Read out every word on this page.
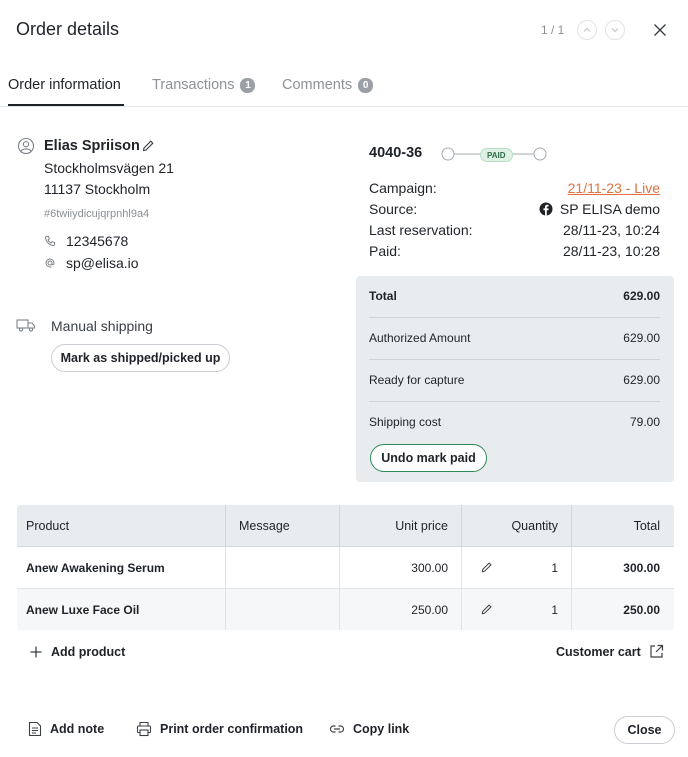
Order details	1 / 1
Order information Transactions	1	Comments	0
Elias Spriison
Stockholmsvägen 21
11137 Stockholm
#6twiiydicujqrpnhl9a4
12345678
sp@elisa.io
Manual shipping
Mark as shipped/picked up
4040-36	PAID
Campaign:	21/11-23 - Live
Source:	SP ELISA demo
Last reservation:	28/11-23, 10:24
Paid:	28/11-23, 10:28
Total	629.00
Authorized Amount	629.00
Ready for capture	629.00
Shipping cost	79.00
Undo mark paid
Product	Message	Unit price	Quantity	Total
Anew Awakening Serum		300.00	1	300.00
Anew Luxe Face Oil		250.00	1	250.00
Add product	Customer cart
Add note	Print order confirmation	Copy link	Close
